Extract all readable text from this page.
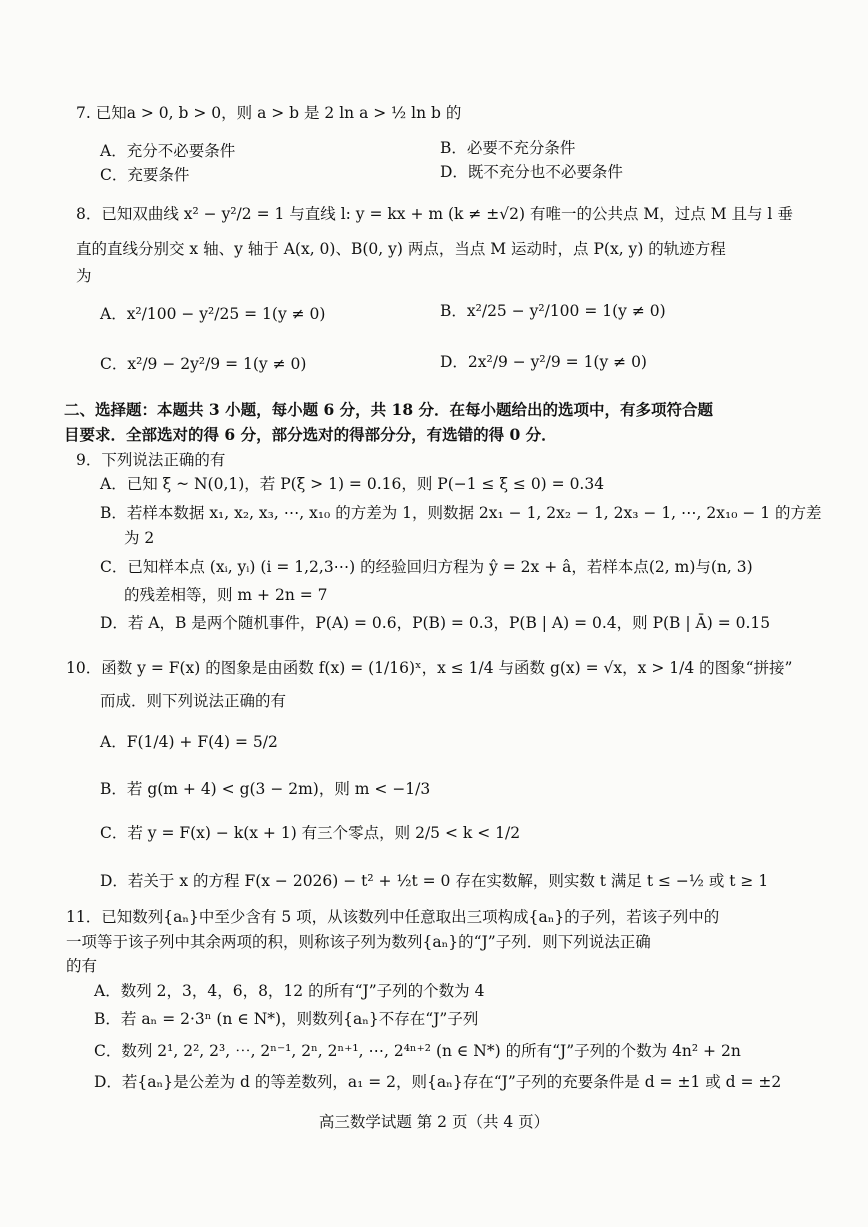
7. 已知a > 0, b > 0，则 a > b 是 2 ln a > ½ ln b 的
A．充分不必要条件	B．必要不充分条件
C．充要条件	D．既不充分也不必要条件
8．已知双曲线 x² − y²/2 = 1 与直线 l: y = kx + m (k ≠ ±√2) 有唯一的公共点 M，过点 M 且与 l 垂
直的直线分别交 x 轴、y 轴于 A(x, 0)、B(0, y) 两点，当点 M 运动时，点 P(x, y) 的轨迹方程
为
A．x²/100 − y²/25 = 1(y ≠ 0)	B．x²/25 − y²/100 = 1(y ≠ 0)
C．x²/9 − 2y²/9 = 1(y ≠ 0)	D．2x²/9 − y²/9 = 1(y ≠ 0)
二、选择题：本题共 3 小题，每小题 6 分，共 18 分．在每小题给出的选项中，有多项符合题
目要求．全部选对的得 6 分，部分选对的得部分分，有选错的得 0 分．
9．下列说法正确的有
A．已知 ξ ~ N(0,1)，若 P(ξ > 1) = 0.16，则 P(−1 ≤ ξ ≤ 0) = 0.34
B．若样本数据 x₁, x₂, x₃, ⋯, x₁₀ 的方差为 1，则数据 2x₁ − 1, 2x₂ − 1, 2x₃ − 1, ⋯, 2x₁₀ − 1 的方差
为 2
C．已知样本点 (xᵢ, yᵢ) (i = 1,2,3⋯) 的经验回归方程为 ŷ = 2x + â，若样本点(2, m)与(n, 3)
的残差相等，则 m + 2n = 7
D．若 A，B 是两个随机事件，P(A) = 0.6，P(B) = 0.3，P(B | A) = 0.4，则 P(B | Ā) = 0.15
10．函数 y = F(x) 的图象是由函数 f(x) = (1/16)ˣ，x ≤ 1/4 与函数 g(x) = √x，x > 1/4 的图象“拼接”
而成．则下列说法正确的有
A．F(1/4) + F(4) = 5/2
B．若 g(m + 4) < g(3 − 2m)，则 m < −1/3
C．若 y = F(x) − k(x + 1) 有三个零点，则 2/5 < k < 1/2
D．若关于 x 的方程 F(x − 2026) − t² + ½t = 0 存在实数解，则实数 t 满足 t ≤ −½ 或 t ≥ 1
11．已知数列{aₙ}中至少含有 5 项，从该数列中任意取出三项构成{aₙ}的子列，若该子列中的
一项等于该子列中其余两项的积，则称该子列为数列{aₙ}的“J”子列．则下列说法正确
的有
A．数列 2，3，4，6，8，12 的所有“J”子列的个数为 4
B．若 aₙ = 2·3ⁿ (n ∈ N*)，则数列{aₙ}不存在“J”子列
C．数列 2¹, 2², 2³, ⋯, 2ⁿ⁻¹, 2ⁿ, 2ⁿ⁺¹, ⋯, 2⁴ⁿ⁺² (n ∈ N*) 的所有“J”子列的个数为 4n² + 2n
D．若{aₙ}是公差为 d 的等差数列，a₁ = 2，则{aₙ}存在“J”子列的充要条件是 d = ±1 或 d = ±2
高三数学试题 第 2 页（共 4 页）
